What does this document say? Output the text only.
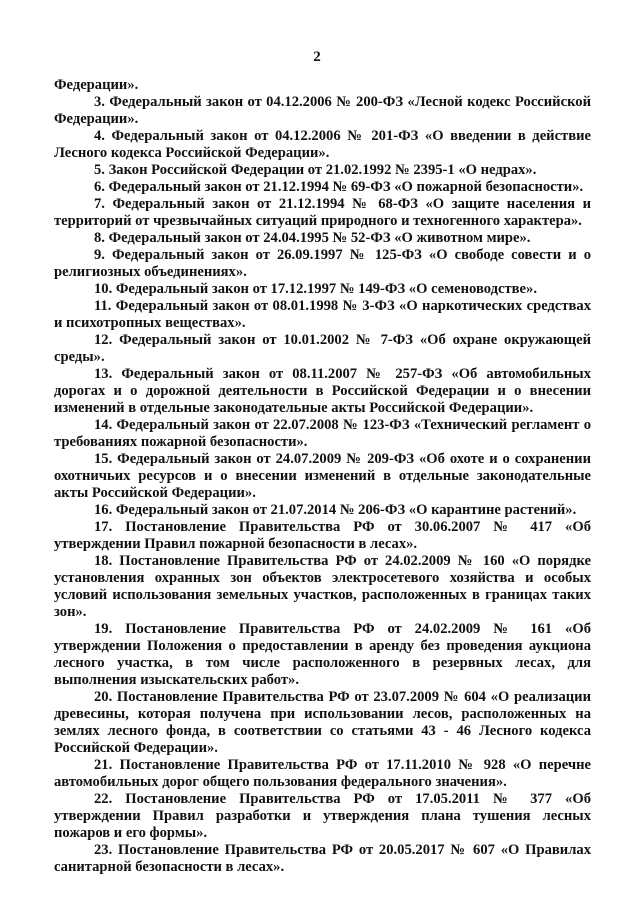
2

Федерации».

3. Федеральный закон от 04.12.2006 № 200-ФЗ «Лесной кодекс Российской Федерации».

4. Федеральный закон от 04.12.2006 № 201-ФЗ «О введении в действие Лесного кодекса Российской Федерации».

5. Закон Российской Федерации от 21.02.1992 № 2395-1 «О недрах».

6. Федеральный закон от 21.12.1994 № 69-ФЗ «О пожарной безопасности».

7. Федеральный закон от 21.12.1994 № 68-ФЗ «О защите населения и территорий от чрезвычайных ситуаций природного и техногенного характера».

8. Федеральный закон от 24.04.1995 № 52-ФЗ «О животном мире».

9. Федеральный закон от 26.09.1997 № 125-ФЗ «О свободе совести и о религиозных объединениях».

10. Федеральный закон от 17.12.1997 № 149-ФЗ «О семеноводстве».

11. Федеральный закон от 08.01.1998 № 3-ФЗ «О наркотических средствах и психотропных веществах».

12. Федеральный закон от 10.01.2002 № 7-ФЗ «Об охране окружающей среды».

13. Федеральный закон от 08.11.2007 № 257-ФЗ «Об автомобильных дорогах и о дорожной деятельности в Российской Федерации и о внесении изменений в отдельные законодательные акты Российской Федерации».

14. Федеральный закон от 22.07.2008 № 123-ФЗ «Технический регламент о требованиях пожарной безопасности».

15. Федеральный закон от 24.07.2009 № 209-ФЗ «Об охоте и о сохранении охотничьих ресурсов и о внесении изменений в отдельные законодательные акты Российской Федерации».

16. Федеральный закон от 21.07.2014 № 206-ФЗ «О карантине растений».

17. Постановление Правительства РФ от 30.06.2007 № 417 «Об утверждении Правил пожарной безопасности в лесах».

18. Постановление Правительства РФ от 24.02.2009 № 160 «О порядке установления охранных зон объектов электросетевого хозяйства и особых условий использования земельных участков, расположенных в границах таких зон».

19. Постановление Правительства РФ от 24.02.2009 № 161 «Об утверждении Положения о предоставлении в аренду без проведения аукциона лесного участка, в том числе расположенного в резервных лесах, для выполнения изыскательских работ».

20. Постановление Правительства РФ от 23.07.2009 № 604 «О реализации древесины, которая получена при использовании лесов, расположенных на землях лесного фонда, в соответствии со статьями 43 - 46 Лесного кодекса Российской Федерации».

21. Постановление Правительства РФ от 17.11.2010 № 928 «О перечне автомобильных дорог общего пользования федерального значения».

22. Постановление Правительства РФ от 17.05.2011 № 377 «Об утверждении Правил разработки и утверждения плана тушения лесных пожаров и его формы».

23. Постановление Правительства РФ от 20.05.2017 № 607 «О Правилах санитарной безопасности в лесах».
